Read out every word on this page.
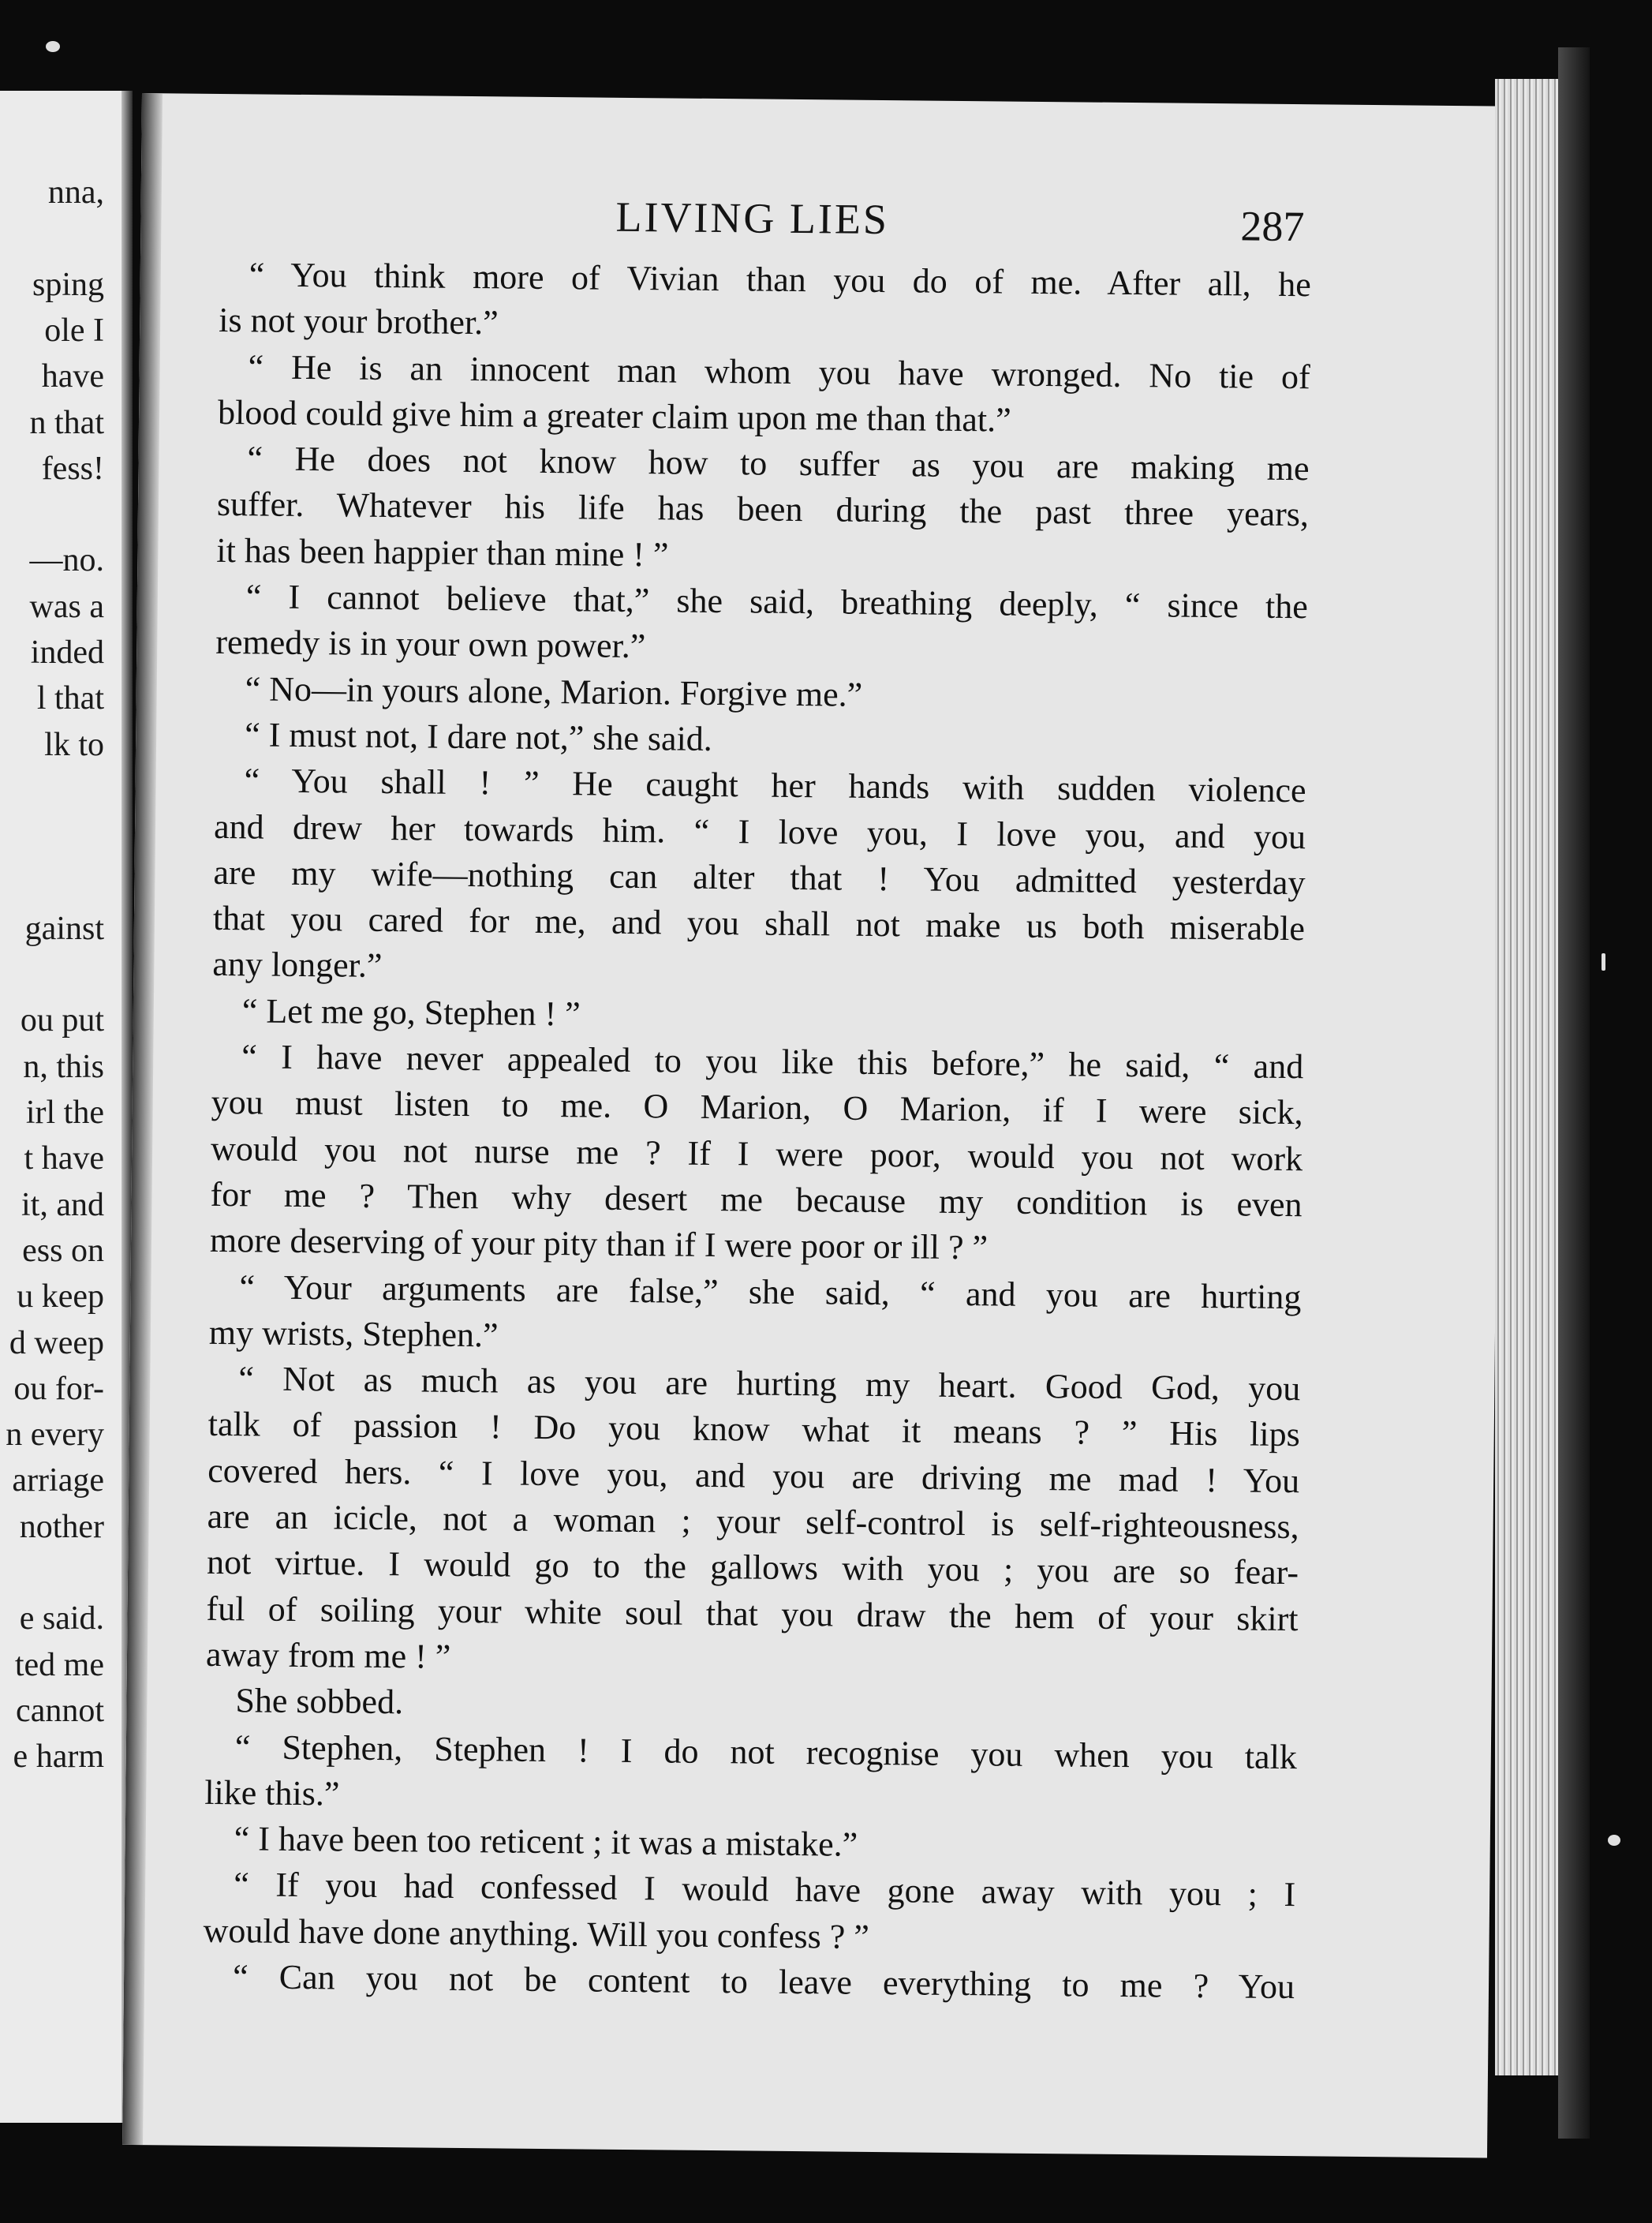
nna,
sping
ole I
have
n that
fess!
—no.
was a
inded
l that
lk to
gainst
ou put
n, this
irl the
t have
it, and
ess on
u keep
d weep
ou for-
n every
arriage
nother
e said.
ted me
cannot
e harm
LIVING LIES	287
“ You think more of Vivian than you do of me. After all, he
is not your brother.”
“ He is an innocent man whom you have wronged. No tie of
blood could give him a greater claim upon me than that.”
“ He does not know how to suffer as you are making me
suffer. Whatever his life has been during the past three years,
it has been happier than mine ! ”
“ I cannot believe that,” she said, breathing deeply, “ since the
remedy is in your own power.”
“ No—in yours alone, Marion. Forgive me.”
“ I must not, I dare not,” she said.
“ You shall ! ” He caught her hands with sudden violence
and drew her towards him. “ I love you, I love you, and you
are my wife—nothing can alter that ! You admitted yesterday
that you cared for me, and you shall not make us both miserable
any longer.”
“ Let me go, Stephen ! ”
“ I have never appealed to you like this before,” he said, “ and
you must listen to me. O Marion, O Marion, if I were sick,
would you not nurse me ? If I were poor, would you not work
for me ? Then why desert me because my condition is even
more deserving of your pity than if I were poor or ill ? ”
“ Your arguments are false,” she said, “ and you are hurting
my wrists, Stephen.”
“ Not as much as you are hurting my heart. Good God, you
talk of passion ! Do you know what it means ? ” His lips
covered hers. “ I love you, and you are driving me mad ! You
are an icicle, not a woman ; your self-control is self-righteousness,
not virtue. I would go to the gallows with you ; you are so fear-
ful of soiling your white soul that you draw the hem of your skirt
away from me ! ”
She sobbed.
“ Stephen, Stephen ! I do not recognise you when you talk
like this.”
“ I have been too reticent ; it was a mistake.”
“ If you had confessed I would have gone away with you ; I
would have done anything. Will you confess ? ”
“ Can you not be content to leave everything to me ? You
